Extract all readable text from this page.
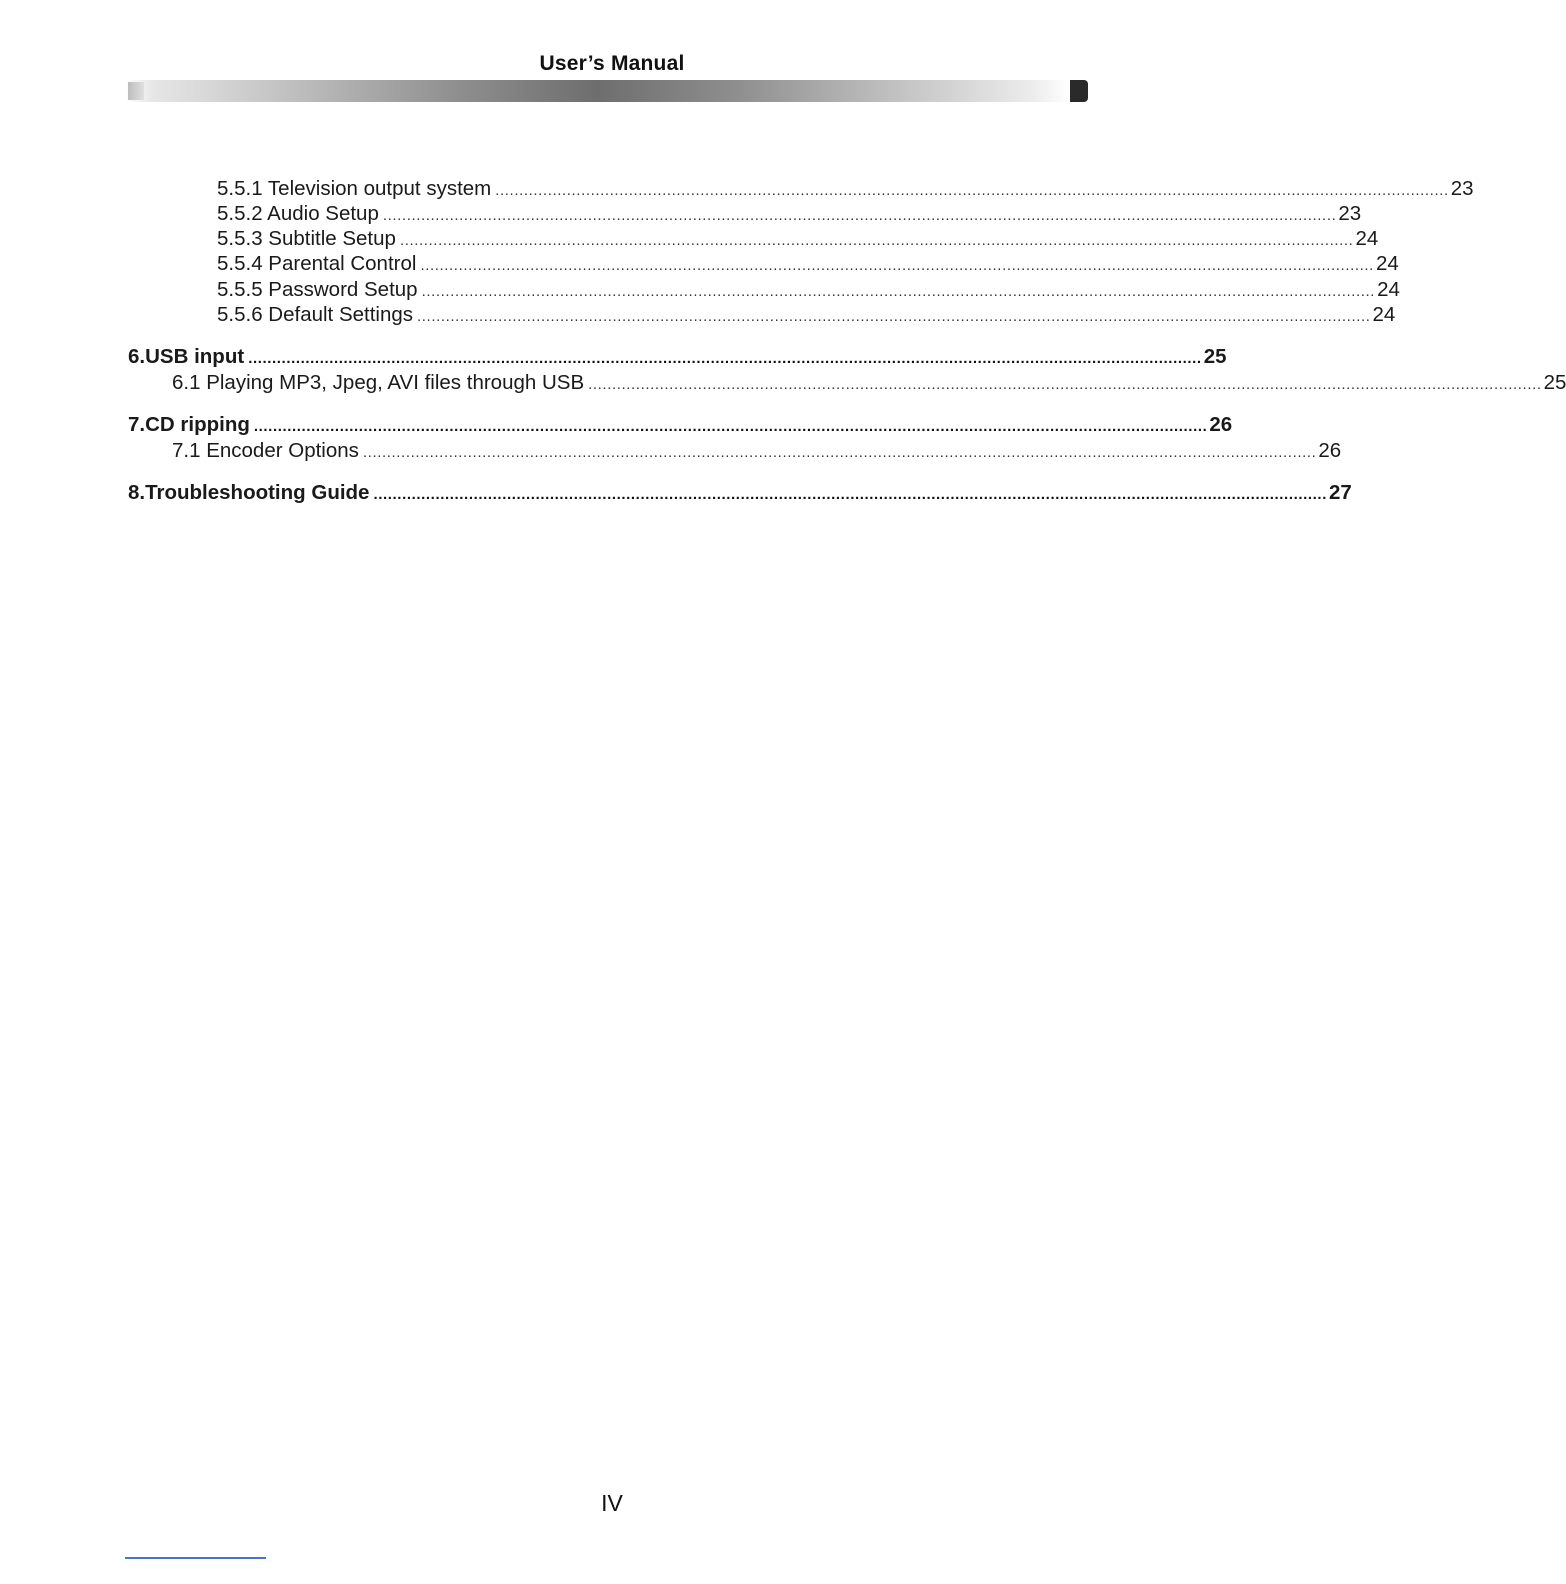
User’s Manual
5.5.1 Television output system ........................................................................................................................................................................................................ 23
5.5.2 Audio Setup ........................................................................................................................................................................................................ 23
5.5.3 Subtitle Setup ........................................................................................................................................................................................................ 24
5.5.4 Parental Control ........................................................................................................................................................................................................ 24
5.5.5 Password Setup ........................................................................................................................................................................................................ 24
5.5.6 Default Settings ........................................................................................................................................................................................................ 24
6. USB input ........................................................................................................................................................................................................ 25
6.1 Playing MP3, Jpeg, AVI files through USB ........................................................................................................................................................................................................ 25
7. CD ripping ........................................................................................................................................................................................................ 26
7.1 Encoder Options ........................................................................................................................................................................................................ 26
8. Troubleshooting Guide ........................................................................................................................................................................................................ 27
IV
